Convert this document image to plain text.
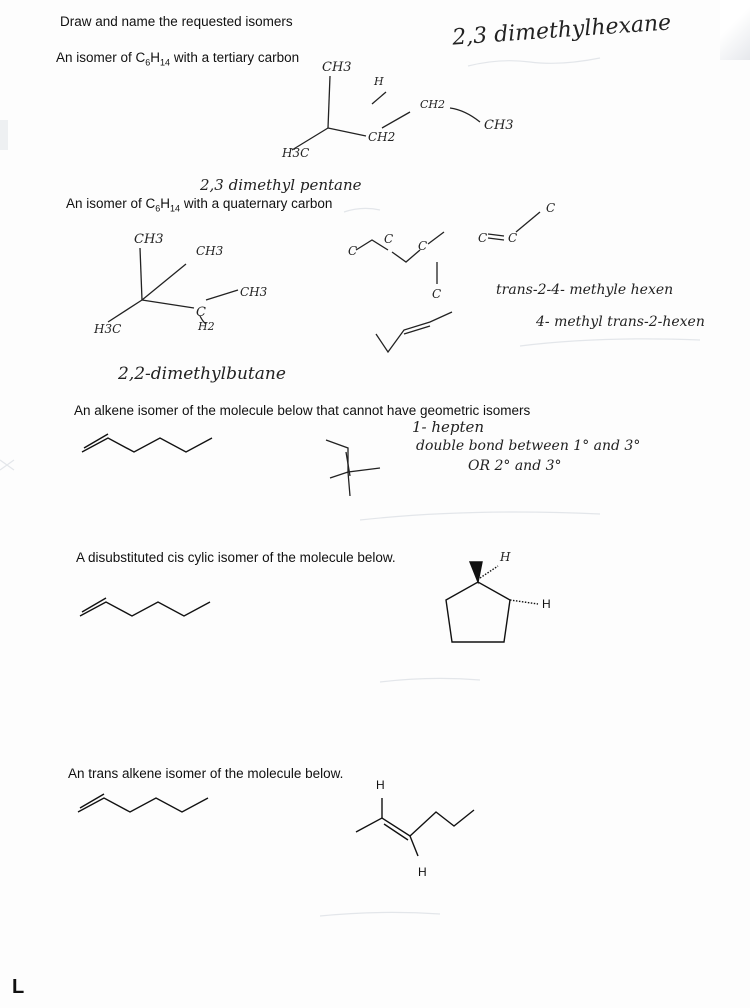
Draw and name the requested isomers
An isomer of $C_6H_{14}$ with a tertiary carbon
2,3 dimethylhexane
CH3
H
CH2
CH3
CH2
H3C
2,3 dimethyl pentane
An isomer of $C_6H_{14}$ with a quaternary carbon
CH3
CH3
CH3
C
H2
H3C
trans-2-4- methyle hexen
4- methyl trans-2-hexen
2,2-dimethylbutane
An alkene isomer of the molecule below that cannot have geometric isomers
1- hepten
double bond between 1° and 3°
OR 2° and 3°
A disubstituted cis cylic isomer of the molecule below.	H
H
An trans alkene isomer of the molecule below.
H
H
L
C
C C
C
C C
C
